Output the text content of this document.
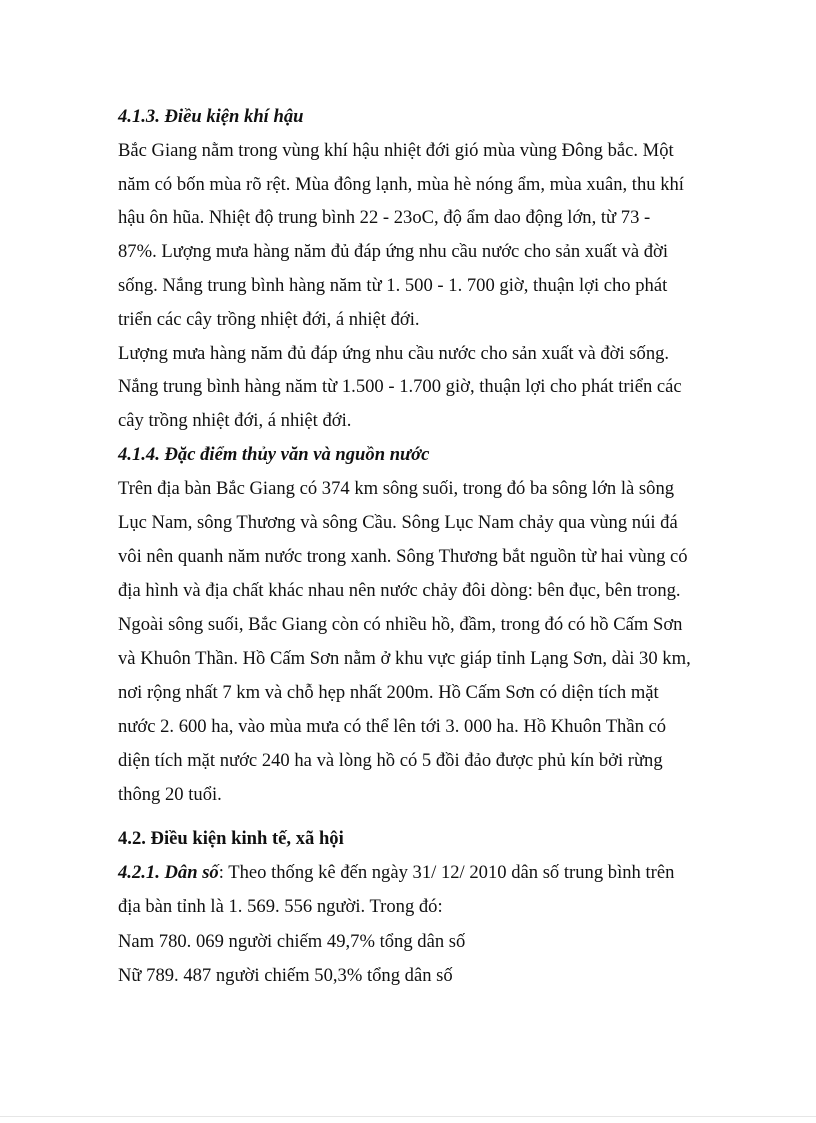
4.1.3. Điều kiện khí hậu
Bắc Giang nằm trong vùng khí hậu nhiệt đới gió mùa vùng Đông bắc. Một
năm có bốn mùa rõ rệt. Mùa đông lạnh, mùa hè nóng ẩm, mùa xuân, thu khí
hậu ôn hũa. Nhiệt độ trung bình 22 - 23oC, độ ẩm dao động lớn, từ 73 -
87%. Lượng mưa hàng năm đủ đáp ứng nhu cầu nước cho sản xuất và đời
sống. Nắng trung bình hàng năm từ 1. 500 - 1. 700 giờ, thuận lợi cho phát
triển các cây trồng nhiệt đới, á nhiệt đới.
Lượng mưa hàng năm đủ đáp ứng nhu cầu nước cho sản xuất và đời sống.
Nắng trung bình hàng năm từ 1.500 - 1.700 giờ, thuận lợi cho phát triển các
cây trồng nhiệt đới, á nhiệt đới.
4.1.4. Đặc điểm thủy văn và nguồn nước
Trên địa bàn Bắc Giang có 374 km sông suối, trong đó ba sông lớn là sông
Lục Nam, sông Thương và sông Cầu. Sông Lục Nam chảy qua vùng núi đá
vôi nên quanh năm nước trong xanh. Sông Thương bắt nguồn từ hai vùng có
địa hình và địa chất khác nhau nên nước chảy đôi dòng: bên đục, bên trong.
Ngoài sông suối, Bắc Giang còn có nhiều hồ, đầm, trong đó có hồ Cấm Sơn
và Khuôn Thần. Hồ Cấm Sơn nằm ở khu vực giáp tỉnh Lạng Sơn, dài 30 km,
nơi rộng nhất 7 km và chỗ hẹp nhất 200m. Hồ Cấm Sơn có diện tích mặt
nước 2. 600 ha, vào mùa mưa có thể lên tới 3. 000 ha. Hồ Khuôn Thần có
diện tích mặt nước 240 ha và lòng hồ có 5 đồi đảo được phủ kín bởi rừng
thông 20 tuổi.
4.2. Điều kiện kinh tế, xã hội
4.2.1. Dân số: Theo thống kê đến ngày 31/ 12/ 2010 dân số trung bình trên
địa bàn tỉnh là 1. 569. 556 người. Trong đó:
Nam 780. 069 người chiếm 49,7% tổng dân số
Nữ 789. 487 người chiếm 50,3% tổng dân số
